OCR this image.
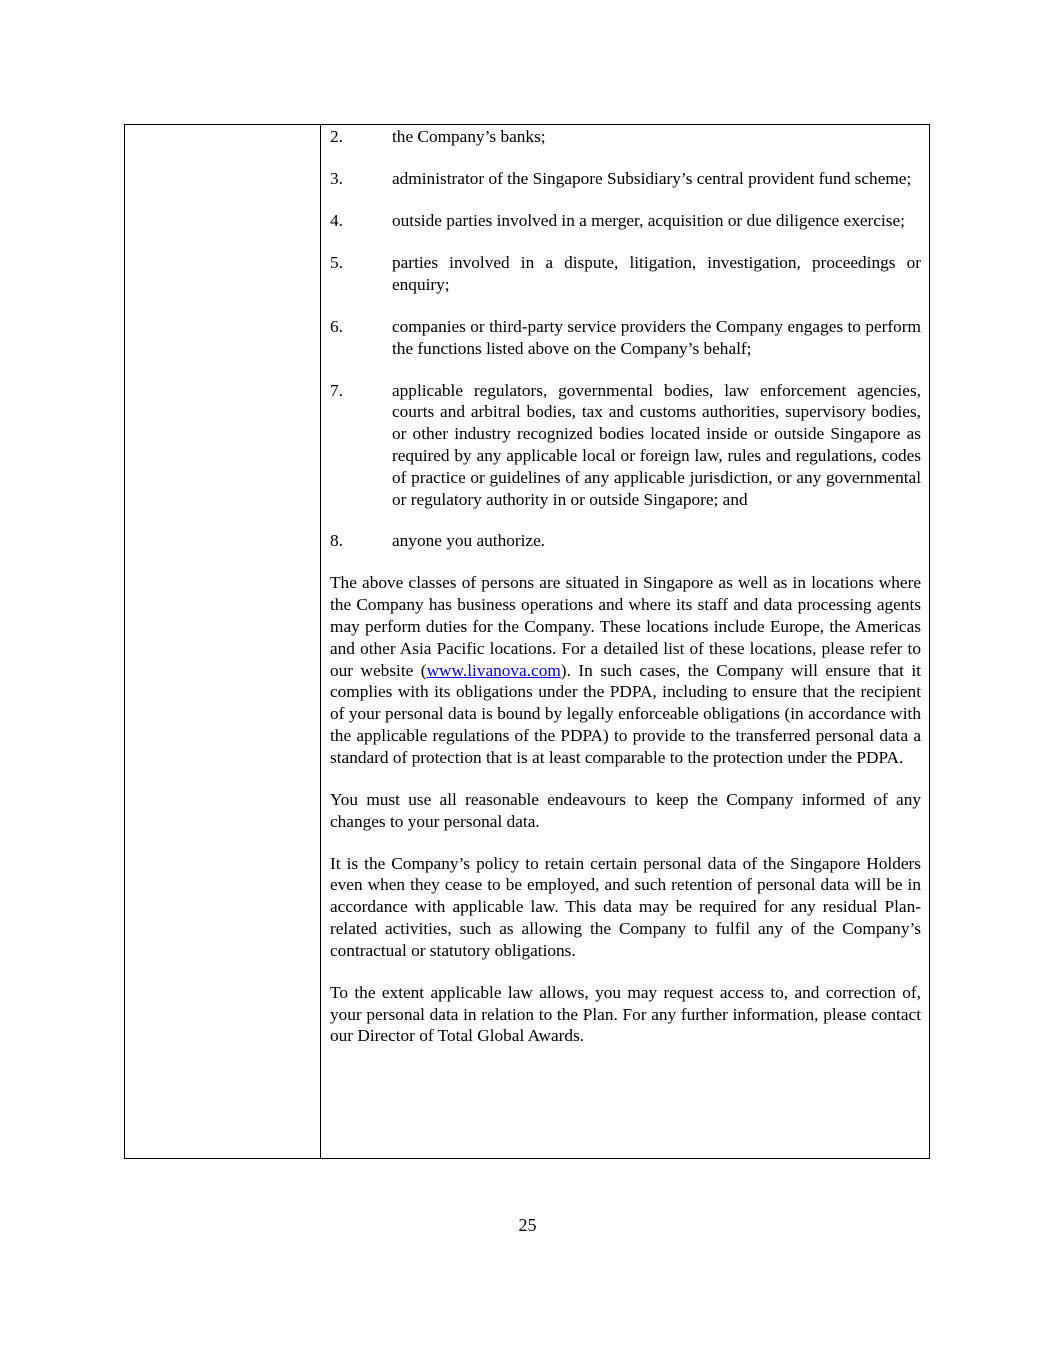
2.	the Company’s banks;
3.	administrator of the Singapore Subsidiary’s central provident fund scheme;
4.	outside parties involved in a merger, acquisition or due diligence exercise;
5.	parties involved in a dispute, litigation, investigation, proceedings or enquiry;
6.	companies or third-party service providers the Company engages to perform the functions listed above on the Company’s behalf;
7.	applicable regulators, governmental bodies, law enforcement agencies, courts and arbitral bodies, tax and customs authorities, supervisory bodies, or other industry recognized bodies located inside or outside Singapore as required by any applicable local or foreign law, rules and regulations, codes of practice or guidelines of any applicable jurisdiction, or any governmental or regulatory authority in or outside Singapore; and
8.	anyone you authorize.

The above classes of persons are situated in Singapore as well as in locations where the Company has business operations and where its staff and data processing agents may perform duties for the Company. These locations include Europe, the Americas and other Asia Pacific locations. For a detailed list of these locations, please refer to our website (www.livanova.com). In such cases, the Company will ensure that it complies with its obligations under the PDPA, including to ensure that the recipient of your personal data is bound by legally enforceable obligations (in accordance with the applicable regulations of the PDPA) to provide to the transferred personal data a standard of protection that is at least comparable to the protection under the PDPA.

You must use all reasonable endeavours to keep the Company informed of any changes to your personal data.

It is the Company’s policy to retain certain personal data of the Singapore Holders even when they cease to be employed, and such retention of personal data will be in accordance with applicable law. This data may be required for any residual Plan-related activities, such as allowing the Company to fulfil any of the Company’s contractual or statutory obligations.

To the extent applicable law allows, you may request access to, and correction of, your personal data in relation to the Plan. For any further information, please contact our Director of Total Global Awards.

25
